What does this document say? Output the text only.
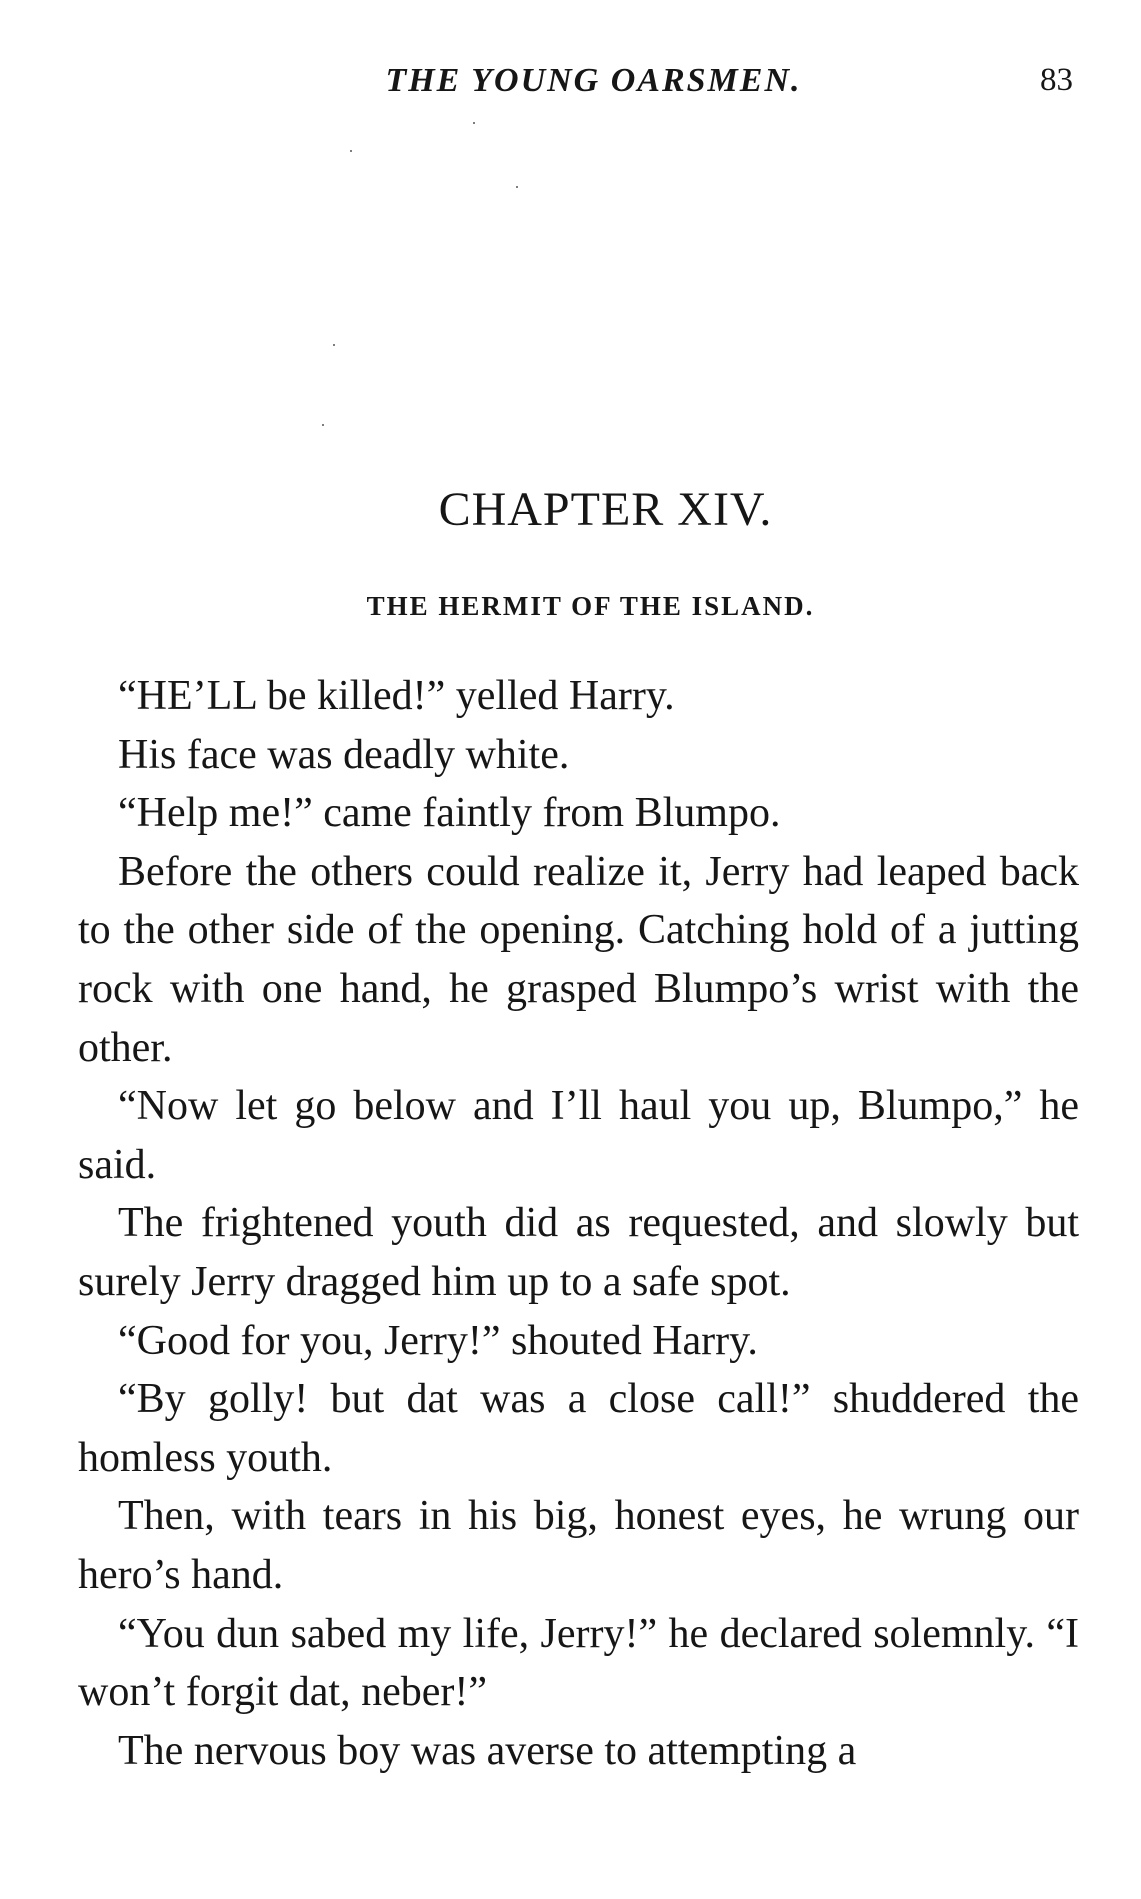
THE YOUNG OARSMEN.	83
CHAPTER XIV.
THE HERMIT OF THE ISLAND.

“HE’LL be killed!” yelled Harry.

His face was deadly white.

“Help me!” came faintly from Blumpo.

Before the others could realize it, Jerry had leaped back to the other side of the opening. Catching hold of a jutting rock with one hand, he grasped Blumpo’s wrist with the other.

“Now let go below and I’ll haul you up, Blumpo,” he said.

The frightened youth did as requested, and slowly but surely Jerry dragged him up to a safe spot.

“Good for you, Jerry!” shouted Harry.

“By golly! but dat was a close call!” shuddered the homless youth.

Then, with tears in his big, honest eyes, he wrung our hero’s hand.

“You dun sabed my life, Jerry!” he declared solemnly. “I won’t forgit dat, neber!”

The nervous boy was averse to attempting a
